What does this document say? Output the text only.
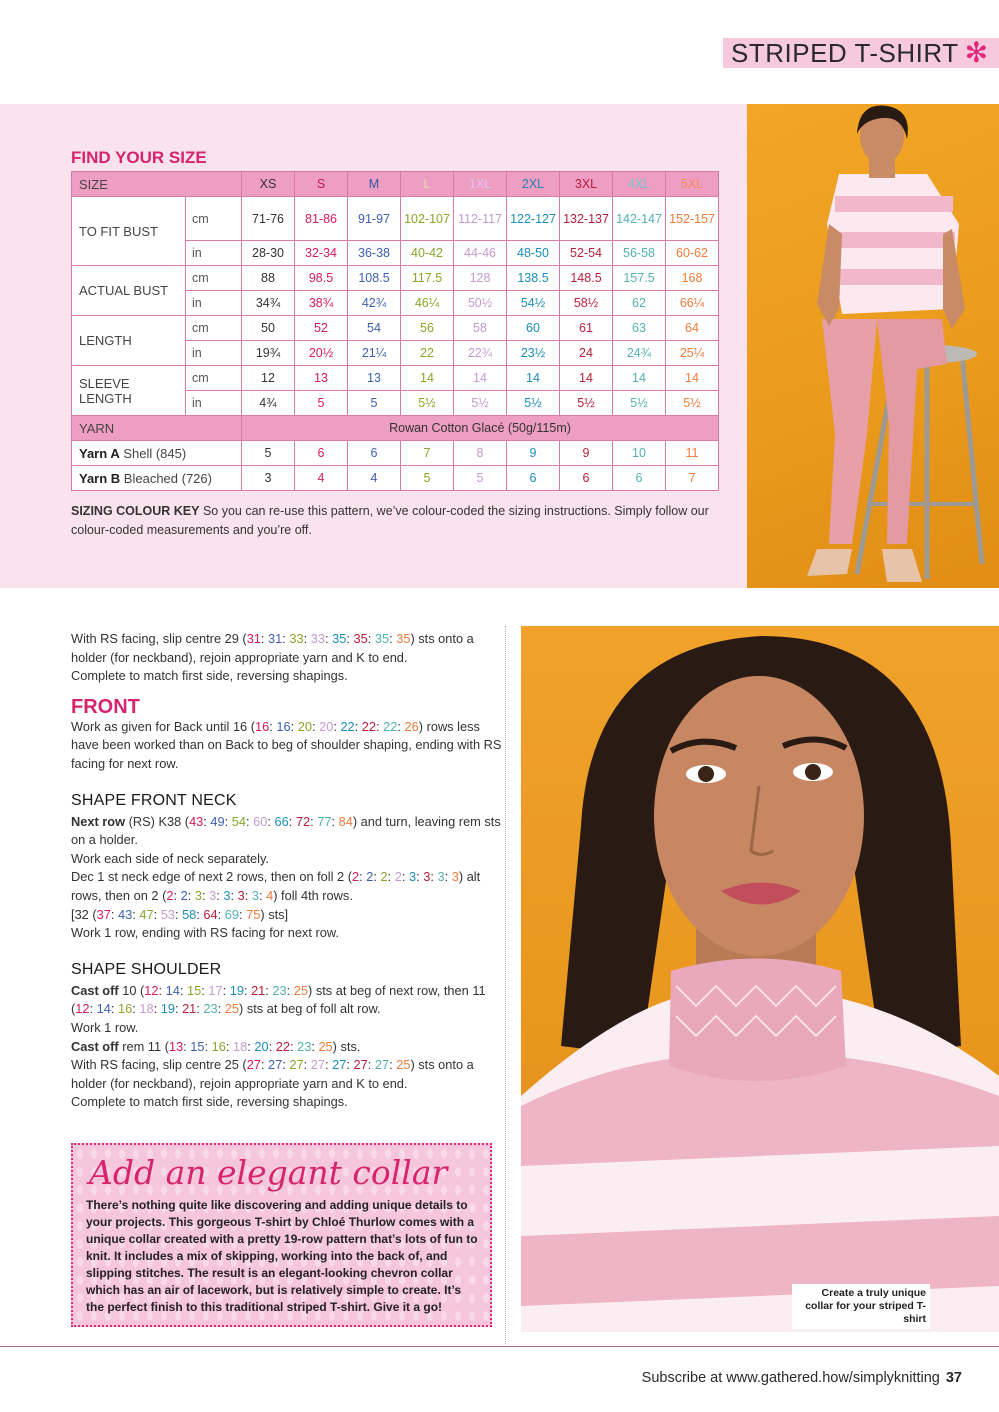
STRIPED T-SHIRT ✻
FIND YOUR SIZE
SIZE		XS	S	M	L	1XL	2XL	3XL	4XL	5XL
TO FIT BUST	cm	71-76	81-86	91-97	102-107	112-117	122-127	132-137	142-147	152-157
	in	28-30	32-34	36-38	40-42	44-46	48-50	52-54	56-58	60-62
ACTUAL BUST	cm	88	98.5	108.5	117.5	128	138.5	148.5	157.5	168
	in	34¾	38¾	42¾	46¼	50½	54½	58½	62	66¼
LENGTH	cm	50	52	54	56	58	60	61	63	64
	in	19¾	20½	21¼	22	22¾	23½	24	24¾	25¼
SLEEVE LENGTH	cm	12	13	13	14	14	14	14	14	14
	in	4¾	5	5	5½	5½	5½	5½	5½	5½
YARN		Rowan Cotton Glacé (50g/115m)								
Yarn A Shell (845)		5	6	6	7	8	9	9	10	11
Yarn B Bleached (726)		3	4	4	5	5	6	6	6	7
SIZING COLOUR KEY So you can re-use this pattern, we’ve colour-coded the sizing instructions. Simply follow our colour-coded measurements and you’re off.
Create a truly unique collar for your striped T-shirt

With RS facing, slip centre 29 (31: 31: 33: 33: 35: 35: 35: 35) sts onto a holder (for neckband), rejoin appropriate yarn and K to end.

Complete to match first side, reversing shapings.

FRONT

Work as given for Back until 16 (16: 16: 20: 20: 22: 22: 22: 26) rows less have been worked than on Back to beg of shoulder shaping, ending with RS facing for next row.

SHAPE FRONT NECK

Next row (RS) K38 (43: 49: 54: 60: 66: 72: 77: 84) and turn, leaving rem sts on a holder.

Work each side of neck separately.

Dec 1 st neck edge of next 2 rows, then on foll 2 (2: 2: 2: 2: 3: 3: 3: 3) alt rows, then on 2 (2: 2: 3: 3: 3: 3: 3: 4) foll 4th rows.

[32 (37: 43: 47: 53: 58: 64: 69: 75) sts]

Work 1 row, ending with RS facing for next row.

SHAPE SHOULDER

Cast off 10 (12: 14: 15: 17: 19: 21: 23: 25) sts at beg of next row, then 11 (12: 14: 16: 18: 19: 21: 23: 25) sts at beg of foll alt row.

Work 1 row.

Cast off rem 11 (13: 15: 16: 18: 20: 22: 23: 25) sts.

With RS facing, slip centre 25 (27: 27: 27: 27: 27: 27: 27: 25) sts onto a holder (for neckband), rejoin appropriate yarn and K to end.

Complete to match first side, reversing shapings.

Add an elegant collar
There’s nothing quite like discovering and adding unique details to your projects. This gorgeous T-shirt by Chloé Thurlow comes with a unique collar created with a pretty 19-row pattern that’s lots of fun to knit. It includes a mix of skipping, working into the back of, and slipping stitches. The result is an elegant-looking chevron collar which has an air of lacework, but is relatively simple to create. It’s the perfect finish to this traditional striped T-shirt. Give it a go!
Subscribe at www.gathered.how/simplyknitting 37
